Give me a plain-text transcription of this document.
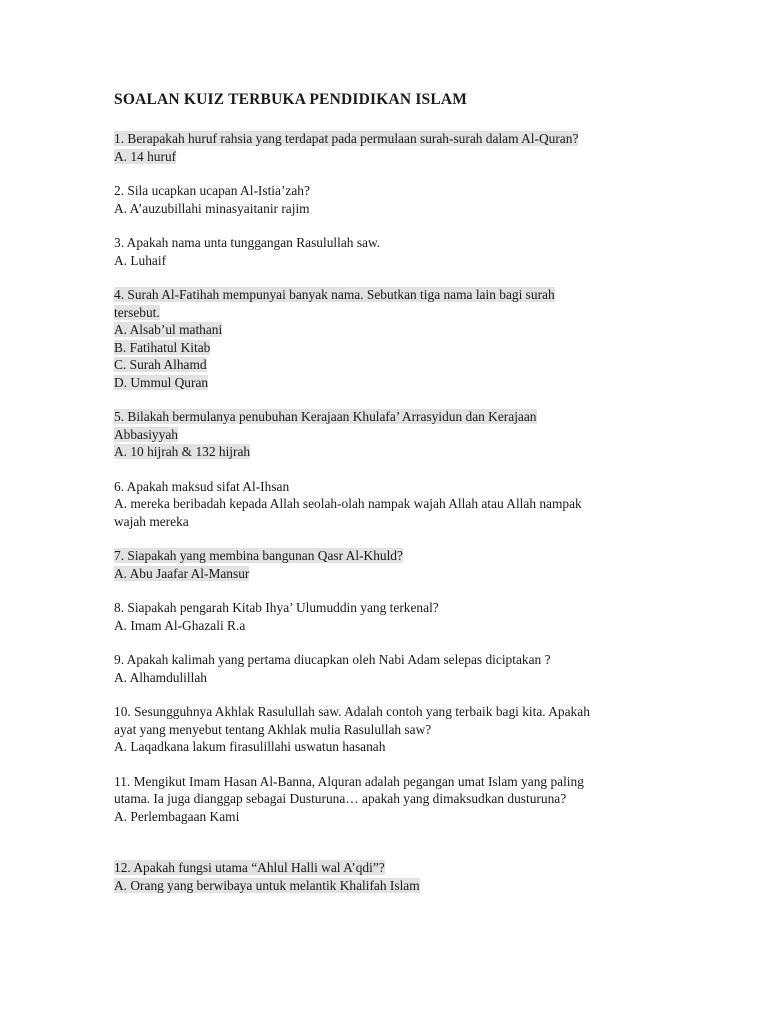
SOALAN KUIZ TERBUKA PENDIDIKAN ISLAM
1. Berapakah huruf rahsia yang terdapat pada permulaan surah-surah dalam Al-Quran?
A. 14 huruf
2. Sila ucapkan ucapan Al-Istia’zah?
A. A’auzubillahi minasyaitanir rajim
3. Apakah nama unta tunggangan Rasulullah saw.
A. Luhaif
4. Surah Al-Fatihah mempunyai banyak nama. Sebutkan tiga nama lain bagi surah
tersebut.
A. Alsab’ul mathani
B. Fatihatul Kitab
C. Surah Alhamd
D. Ummul Quran
5. Bilakah bermulanya penubuhan Kerajaan Khulafa’ Arrasyidun dan Kerajaan
Abbasiyyah
A. 10 hijrah & 132 hijrah
6. Apakah maksud sifat Al-Ihsan
A. mereka beribadah kepada Allah seolah-olah nampak wajah Allah atau Allah nampak
wajah mereka
7. Siapakah yang membina bangunan Qasr Al-Khuld?
A. Abu Jaafar Al-Mansur
8. Siapakah pengarah Kitab Ihya’ Ulumuddin yang terkenal?
A. Imam Al-Ghazali R.a
9. Apakah kalimah yang pertama diucapkan oleh Nabi Adam selepas diciptakan ?
A. Alhamdulillah
10. Sesungguhnya Akhlak Rasulullah saw. Adalah contoh yang terbaik bagi kita. Apakah
ayat yang menyebut tentang Akhlak mulia Rasulullah saw?
A. Laqadkana lakum firasulillahi uswatun hasanah
11. Mengikut Imam Hasan Al-Banna, Alquran adalah pegangan umat Islam yang paling
utama. Ia juga dianggap sebagai Dusturuna… apakah yang dimaksudkan dusturuna?
A. Perlembagaan Kami
12. Apakah fungsi utama “Ahlul Halli wal A’qdi”?
A. Orang yang berwibaya untuk melantik Khalifah Islam
